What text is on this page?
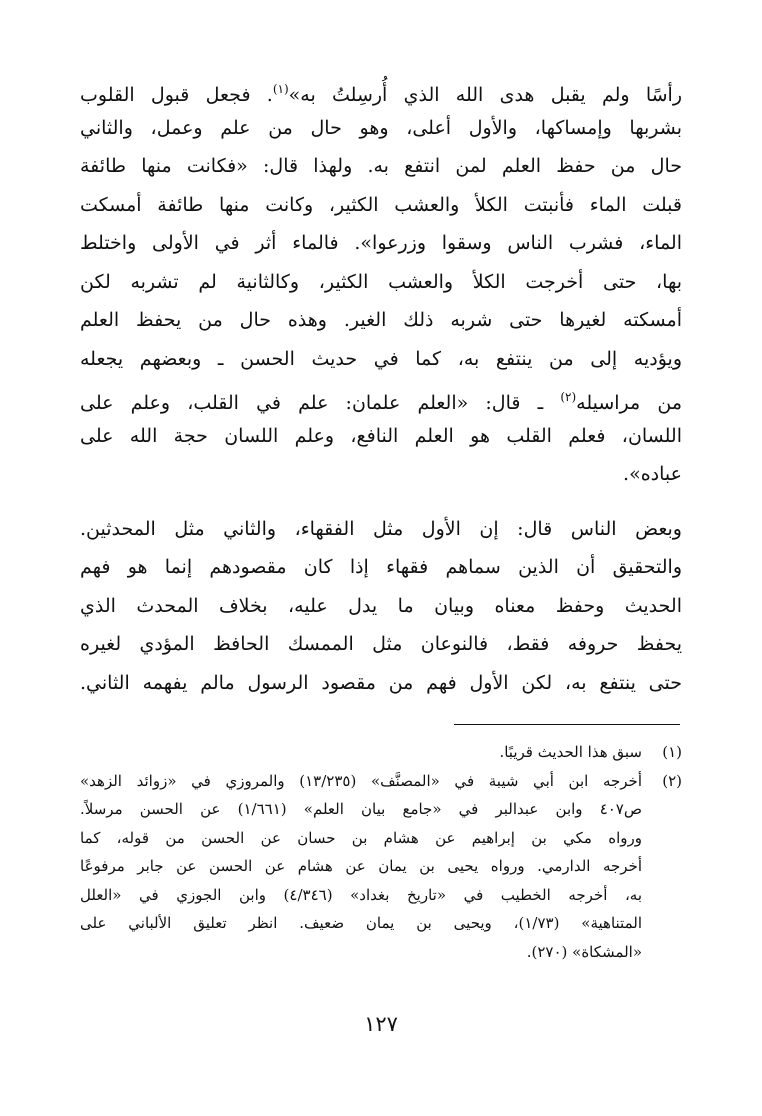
رأسًا ولم يقبل هدى الله الذي أُرسِلتُ به»$^{(١)}$. فجعل قبول القلوب
بشربها وإمساكها، والأول أعلى، وهو حال من علم وعمل، والثاني
حال من حفظ العلم لمن انتفع به. ولهذا قال: «فكانت منها طائفة
قبلت الماء فأنبتت الكلأ والعشب الكثير، وكانت منها طائفة أمسكت
الماء، فشرب الناس وسقوا وزرعوا». فالماء أثر في الأولى واختلط
بها، حتى أخرجت الكلأ والعشب الكثير، وكالثانية لم تشربه لكن
أمسكته لغيرها حتى شربه ذلك الغير. وهذه حال من يحفظ العلم
ويؤديه إلى من ينتفع به، كما في حديث الحسن ـ وبعضهم يجعله
من مراسيله$^{(٢)}$ ـ قال: «العلم علمان: علم في القلب، وعلم على
اللسان، فعلم القلب هو العلم النافع، وعلم اللسان حجة الله على
عباده».
وبعض الناس قال: إن الأول مثل الفقهاء، والثاني مثل المحدثين.
والتحقيق أن الذين سماهم فقهاء إذا كان مقصودهم إنما هو فهم
الحديث وحفظ معناه وبيان ما يدل عليه، بخلاف المحدث الذي
يحفظ حروفه فقط، فالنوعان مثل الممسك الحافظ المؤدي لغيره
حتى ينتفع به، لكن الأول فهم من مقصود الرسول مالم يفهمه الثاني.
(١)سبق هذا الحديث قريبًا.
(٢)أخرجه ابن أبي شيبة في «المصنَّف» (١٣/٢٣٥) والمروزي في «زوائد الزهد»
ص٤٠٧ وابن عبدالبر في «جامع بيان العلم» (١/٦٦١) عن الحسن مرسلاً.
ورواه مكي بن إبراهيم عن هشام بن حسان عن الحسن من قوله، كما
أخرجه الدارمي. ورواه يحيى بن يمان عن هشام عن الحسن عن جابر مرفوعًا
به، أخرجه الخطيب في «تاريخ بغداد» (٤/٣٤٦) وابن الجوزي في «العلل
المتناهية» (١/٧٣)، ويحيى بن يمان ضعيف. انظر تعليق الألباني على
«المشكاة» (٢٧٠).
١٢٧
